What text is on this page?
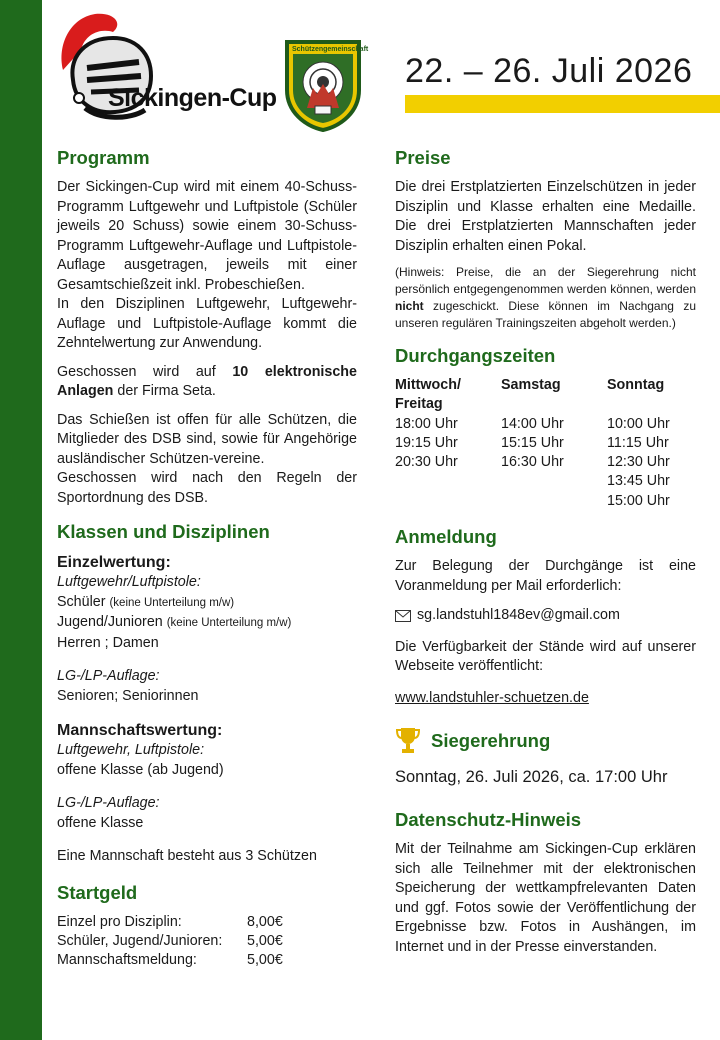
Sickingen-Cup
Schützengemeinschaft
22. – 26. Juli 2026
Programm

Der Sickingen-Cup wird mit einem 40-Schuss-Programm Luftgewehr und Luftpistole (Schüler jeweils 20 Schuss) sowie einem 30-Schuss-Programm Luftgewehr-Auflage und Luftpistole-Auflage ausgetragen, jeweils mit einer Gesamtschießzeit inkl. Probeschießen.

In den Disziplinen Luftgewehr, Luftgewehr-Auflage und Luftpistole-Auflage kommt die Zehntelwertung zur Anwendung.

Geschossen wird auf 10 elektronische Anlagen der Firma Seta.

Das Schießen ist offen für alle Schützen, die Mitglieder des DSB sind, sowie für Angehörige ausländischer Schützen-vereine.

Geschossen wird nach den Regeln der Sportordnung des DSB.

Klassen und Disziplinen

Einzelwertung:

Luftgewehr/Luftpistole:

Schüler (keine Unterteilung m/w)

Jugend/Junioren (keine Unterteilung m/w)

Herren ; Damen

LG-/LP-Auflage:

Senioren; Seniorinnen

Mannschaftswertung:

Luftgewehr, Luftpistole:

offene Klasse (ab Jugend)

LG-/LP-Auflage:

offene Klasse

Eine Mannschaft besteht aus 3 Schützen

Startgeld
Einzel pro Disziplin:	8,00€
Schüler, Jugend/Junioren:	5,00€
Mannschaftsmeldung:	5,00€
Preise

Die drei Erstplatzierten Einzelschützen in jeder Disziplin und Klasse erhalten eine Medaille. Die drei Erstplatzierten Mannschaften jeder Disziplin erhalten einen Pokal.

(Hinweis: Preise, die an der Siegerehrung nicht persönlich entgegengenommen werden können, werden nicht zugeschickt. Diese können im Nachgang zu unseren regulären Trainingszeiten abgeholt werden.)

Durchgangszeiten
Mittwoch/
Freitag	Samstag	Sonntag
18:00 Uhr	14:00 Uhr	10:00 Uhr
19:15 Uhr	15:15 Uhr	11:15 Uhr
20:30 Uhr	16:30 Uhr	12:30 Uhr
		13:45 Uhr
		15:00 Uhr
Anmeldung

Zur Belegung der Durchgänge ist eine Voranmeldung per Mail erforderlich:

sg.landstuhl1848ev@gmail.com

Die Verfügbarkeit der Stände wird auf unserer Webseite veröffentlicht:

www.landstuhler-schuetzen.de

Siegerehrung

Sonntag, 26. Juli 2026, ca. 17:00 Uhr

Datenschutz-Hinweis

Mit der Teilnahme am Sickingen-Cup erklären sich alle Teilnehmer mit der elektronischen Speicherung der wettkampfrelevanten Daten und ggf. Fotos sowie der Veröffentlichung der Ergebnisse bzw. Fotos in Aushängen, im Internet und in der Presse einverstanden.
